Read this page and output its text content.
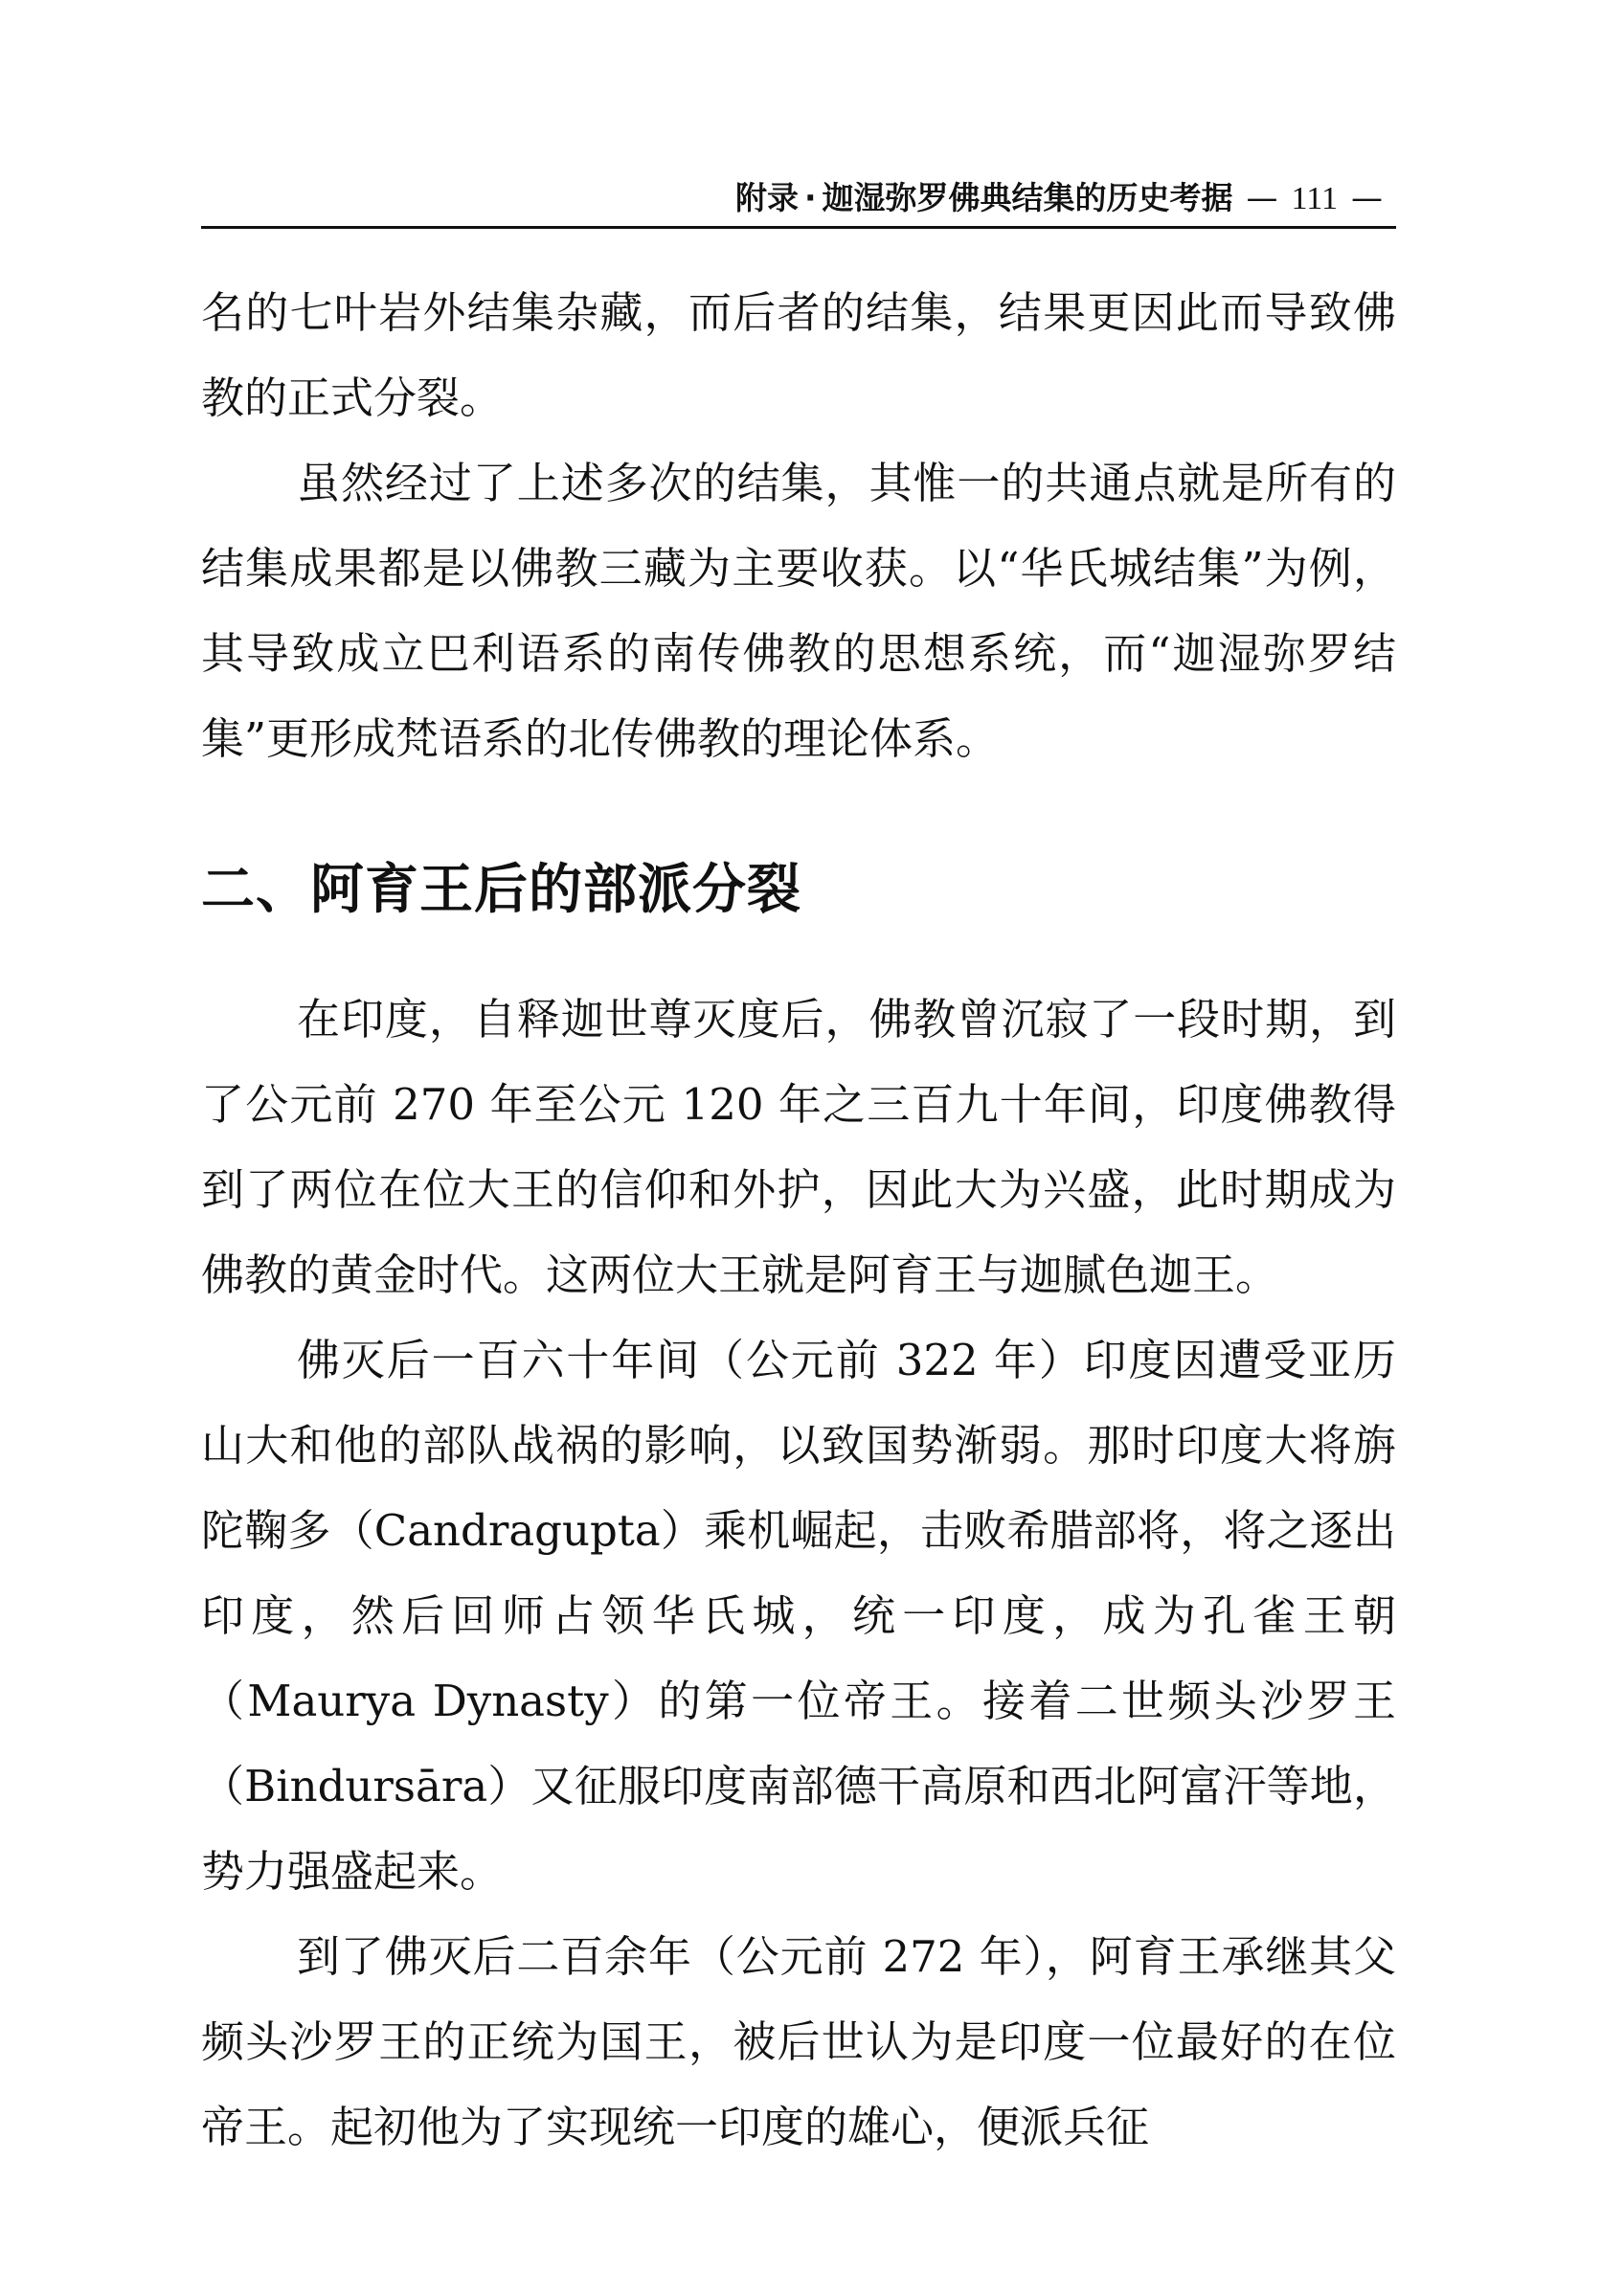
附录 · 迦湿弥罗佛典结集的历史考据 — 111 —

名的七叶岩外结集杂藏，而后者的结集，结果更因此而导致佛教的正式分裂。

虽然经过了上述多次的结集，其惟一的共通点就是所有的结集成果都是以佛教三藏为主要收获。以“华氏城结集”为例，其导致成立巴利语系的南传佛教的思想系统，而“迦湿弥罗结集”更形成梵语系的北传佛教的理论体系。

二、阿育王后的部派分裂

在印度，自释迦世尊灭度后，佛教曾沉寂了一段时期，到了公元前 270 年至公元 120 年之三百九十年间，印度佛教得到了两位在位大王的信仰和外护，因此大为兴盛，此时期成为佛教的黄金时代。这两位大王就是阿育王与迦腻色迦王。

佛灭后一百六十年间（公元前 322 年）印度因遭受亚历山大和他的部队战祸的影响，以致国势渐弱。那时印度大将旃陀鞠多（Candragupta）乘机崛起，击败希腊部将，将之逐出印度，然后回师占领华氏城，统一印度，成为孔雀王朝（Maurya Dynasty）的第一位帝王。接着二世频头沙罗王（Bindursāra）又征服印度南部德干高原和西北阿富汗等地，势力强盛起来。

到了佛灭后二百余年（公元前 272 年），阿育王承继其父频头沙罗王的正统为国王，被后世认为是印度一位最好的在位帝王。起初他为了实现统一印度的雄心，便派兵征
